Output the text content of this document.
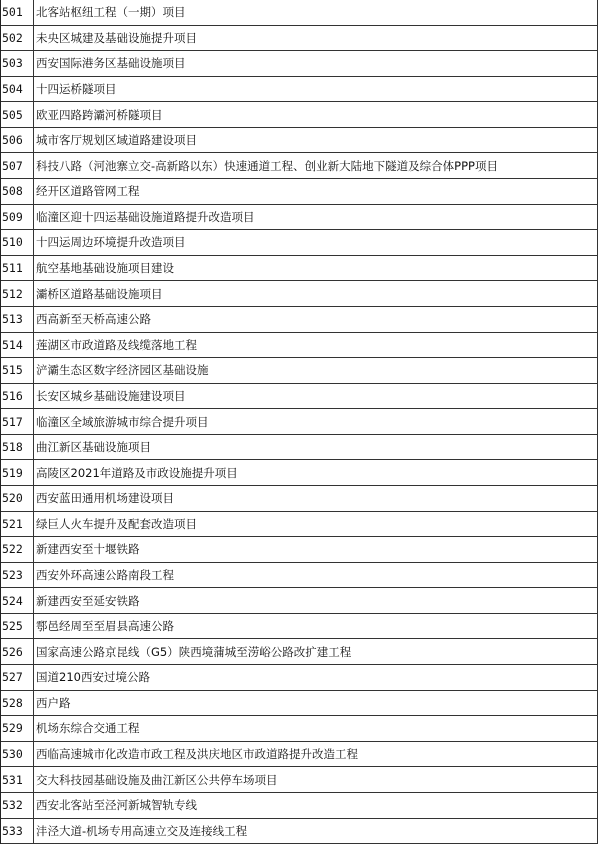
501	北客站枢纽工程（一期）项目
502	未央区城建及基础设施提升项目
503	西安国际港务区基础设施项目
504	十四运桥隧项目
505	欧亚四路跨灞河桥隧项目
506	城市客厅规划区域道路建设项目
507	科技八路（河池寨立交-高新路以东）快速通道工程、创业新大陆地下隧道及综合体PPP项目
508	经开区道路管网工程
509	临潼区迎十四运基础设施道路提升改造项目
510	十四运周边环境提升改造项目
511	航空基地基础设施项目建设
512	灞桥区道路基础设施项目
513	西高新至天桥高速公路
514	莲湖区市政道路及线缆落地工程
515	浐灞生态区数字经济园区基础设施
516	长安区城乡基础设施建设项目
517	临潼区全域旅游城市综合提升项目
518	曲江新区基础设施项目
519	高陵区2021年道路及市政设施提升项目
520	西安蓝田通用机场建设项目
521	绿巨人火车提升及配套改造项目
522	新建西安至十堰铁路
523	西安外环高速公路南段工程
524	新建西安至延安铁路
525	鄠邑经周至至眉县高速公路
526	国家高速公路京昆线（G5）陕西境蒲城至涝峪公路改扩建工程
527	国道210西安过境公路
528	西户路
529	机场东综合交通工程
530	西临高速城市化改造市政工程及洪庆地区市政道路提升改造工程
531	交大科技园基础设施及曲江新区公共停车场项目
532	西安北客站至泾河新城智轨专线
533	沣泾大道-机场专用高速立交及连接线工程
